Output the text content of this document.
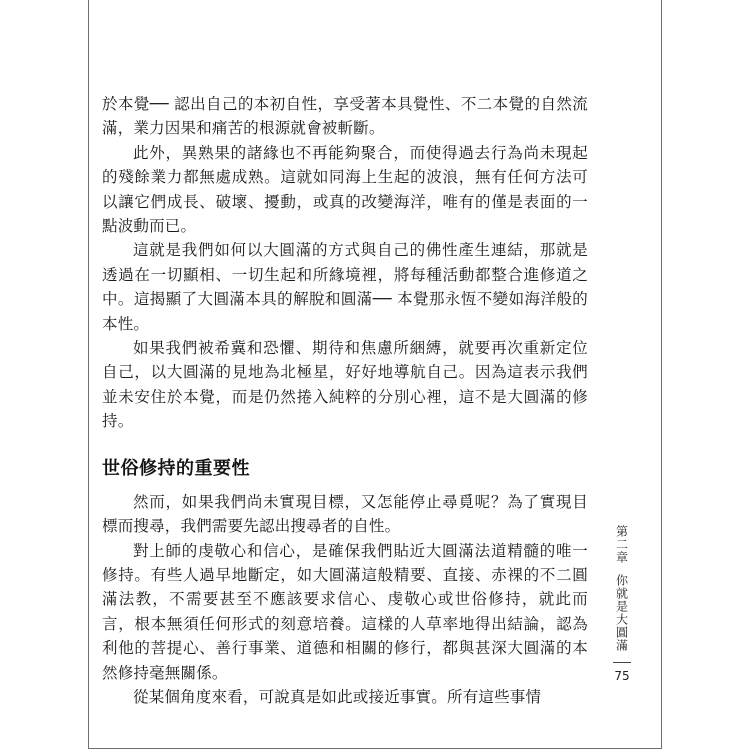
於本覺── 認出自己的本初自性，享受著本具覺性、不二本覺的自然流滿，業力因果和痛苦的根源就會被斬斷。

此外，異熟果的諸緣也不再能夠聚合，而使得過去行為尚未現起的殘餘業力都無處成熟。這就如同海上生起的波浪，無有任何方法可以讓它們成長、破壞、擾動，或真的改變海洋，唯有的僅是表面的一點波動而已。

這就是我們如何以大圓滿的方式與自己的佛性產生連結，那就是透過在一切顯相、一切生起和所緣境裡，將每種活動都整合進修道之中。這揭顯了大圓滿本具的解脫和圓滿── 本覺那永恆不變如海洋般的本性。

如果我們被希冀和恐懼、期待和焦慮所綑縛，就要再次重新定位自己，以大圓滿的見地為北極星，好好地導航自己。因為這表示我們並未安住於本覺，而是仍然捲入純粹的分別心裡，這不是大圓滿的修持。

世俗修持的重要性

然而，如果我們尚未實現目標，又怎能停止尋覓呢？為了實現目標而搜尋，我們需要先認出搜尋者的自性。

對上師的虔敬心和信心，是確保我們貼近大圓滿法道精髓的唯一修持。有些人過早地斷定，如大圓滿這般精要、直接、赤裸的不二圓滿法教，不需要甚至不應該要求信心、虔敬心或世俗修持，就此而言，根本無須任何形式的刻意培養。這樣的人草率地得出結論，認為利他的菩提心、善行事業、道德和相關的修行，都與甚深大圓滿的本然修持毫無關係。

從某個角度來看，可說真是如此或接近事實。所有這些事情

第二章
你就是大圓滿
75
